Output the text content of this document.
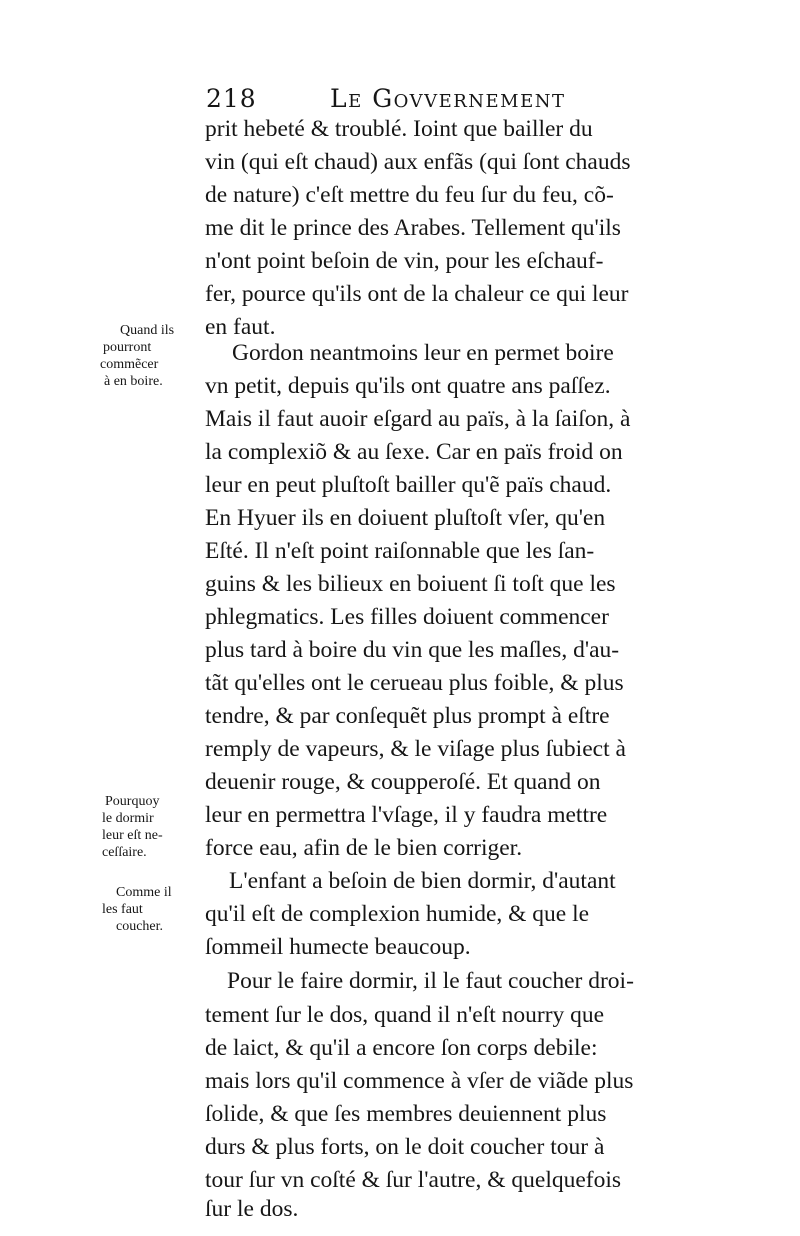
218	Le Govvernement
prit hebeté & troublé. Ioint que bailler du
vin (qui eſt chaud) aux enfãs (qui ſont chauds
de nature) c'eſt mettre du feu ſur du feu, cõ-
me dit le prince des Arabes. Tellement qu'ils
n'ont point beſoin de vin, pour les eſchauf-
fer, pource qu'ils ont de la chaleur ce qui leur
en faut.
Gordon neantmoins leur en permet boire
vn petit, depuis qu'ils ont quatre ans paſſez.
Mais il faut auoir eſgard au païs, à la ſaiſon, à
la complexiõ & au ſexe. Car en païs froid on
leur en peut pluſtoſt bailler qu'ẽ païs chaud.
En Hyuer ils en doiuent pluſtoſt vſer, qu'en
Eſté. Il n'eſt point raiſonnable que les ſan-
guins & les bilieux en boiuent ſi toſt que les
phlegmatics. Les filles doiuent commencer
plus tard à boire du vin que les maſles, d'au-
tãt qu'elles ont le cerueau plus foible, & plus
tendre, & par conſequẽt plus prompt à eſtre
remply de vapeurs, & le viſage plus ſubiect à
deuenir rouge, & coupperoſé. Et quand on
leur en permettra l'vſage, il y faudra mettre
force eau, afin de le bien corriger.
L'enfant a beſoin de bien dormir, d'autant
qu'il eſt de complexion humide, & que le
ſommeil humecte beaucoup.
Pour le faire dormir, il le faut coucher droi-
tement ſur le dos, quand il n'eſt nourry que
de laict, & qu'il a encore ſon corps debile:
mais lors qu'il commence à vſer de viãde plus
ſolide, & que ſes membres deuiennent plus
durs & plus forts, on le doit coucher tour à
tour ſur vn coſté & ſur l'autre, & quelquefois
ſur le dos.
Quand ils
pourront
commẽcer
à en boire.
Pourquoy
le dormir
leur eſt ne-
ceſſaire.
Comme il
les faut
coucher.
